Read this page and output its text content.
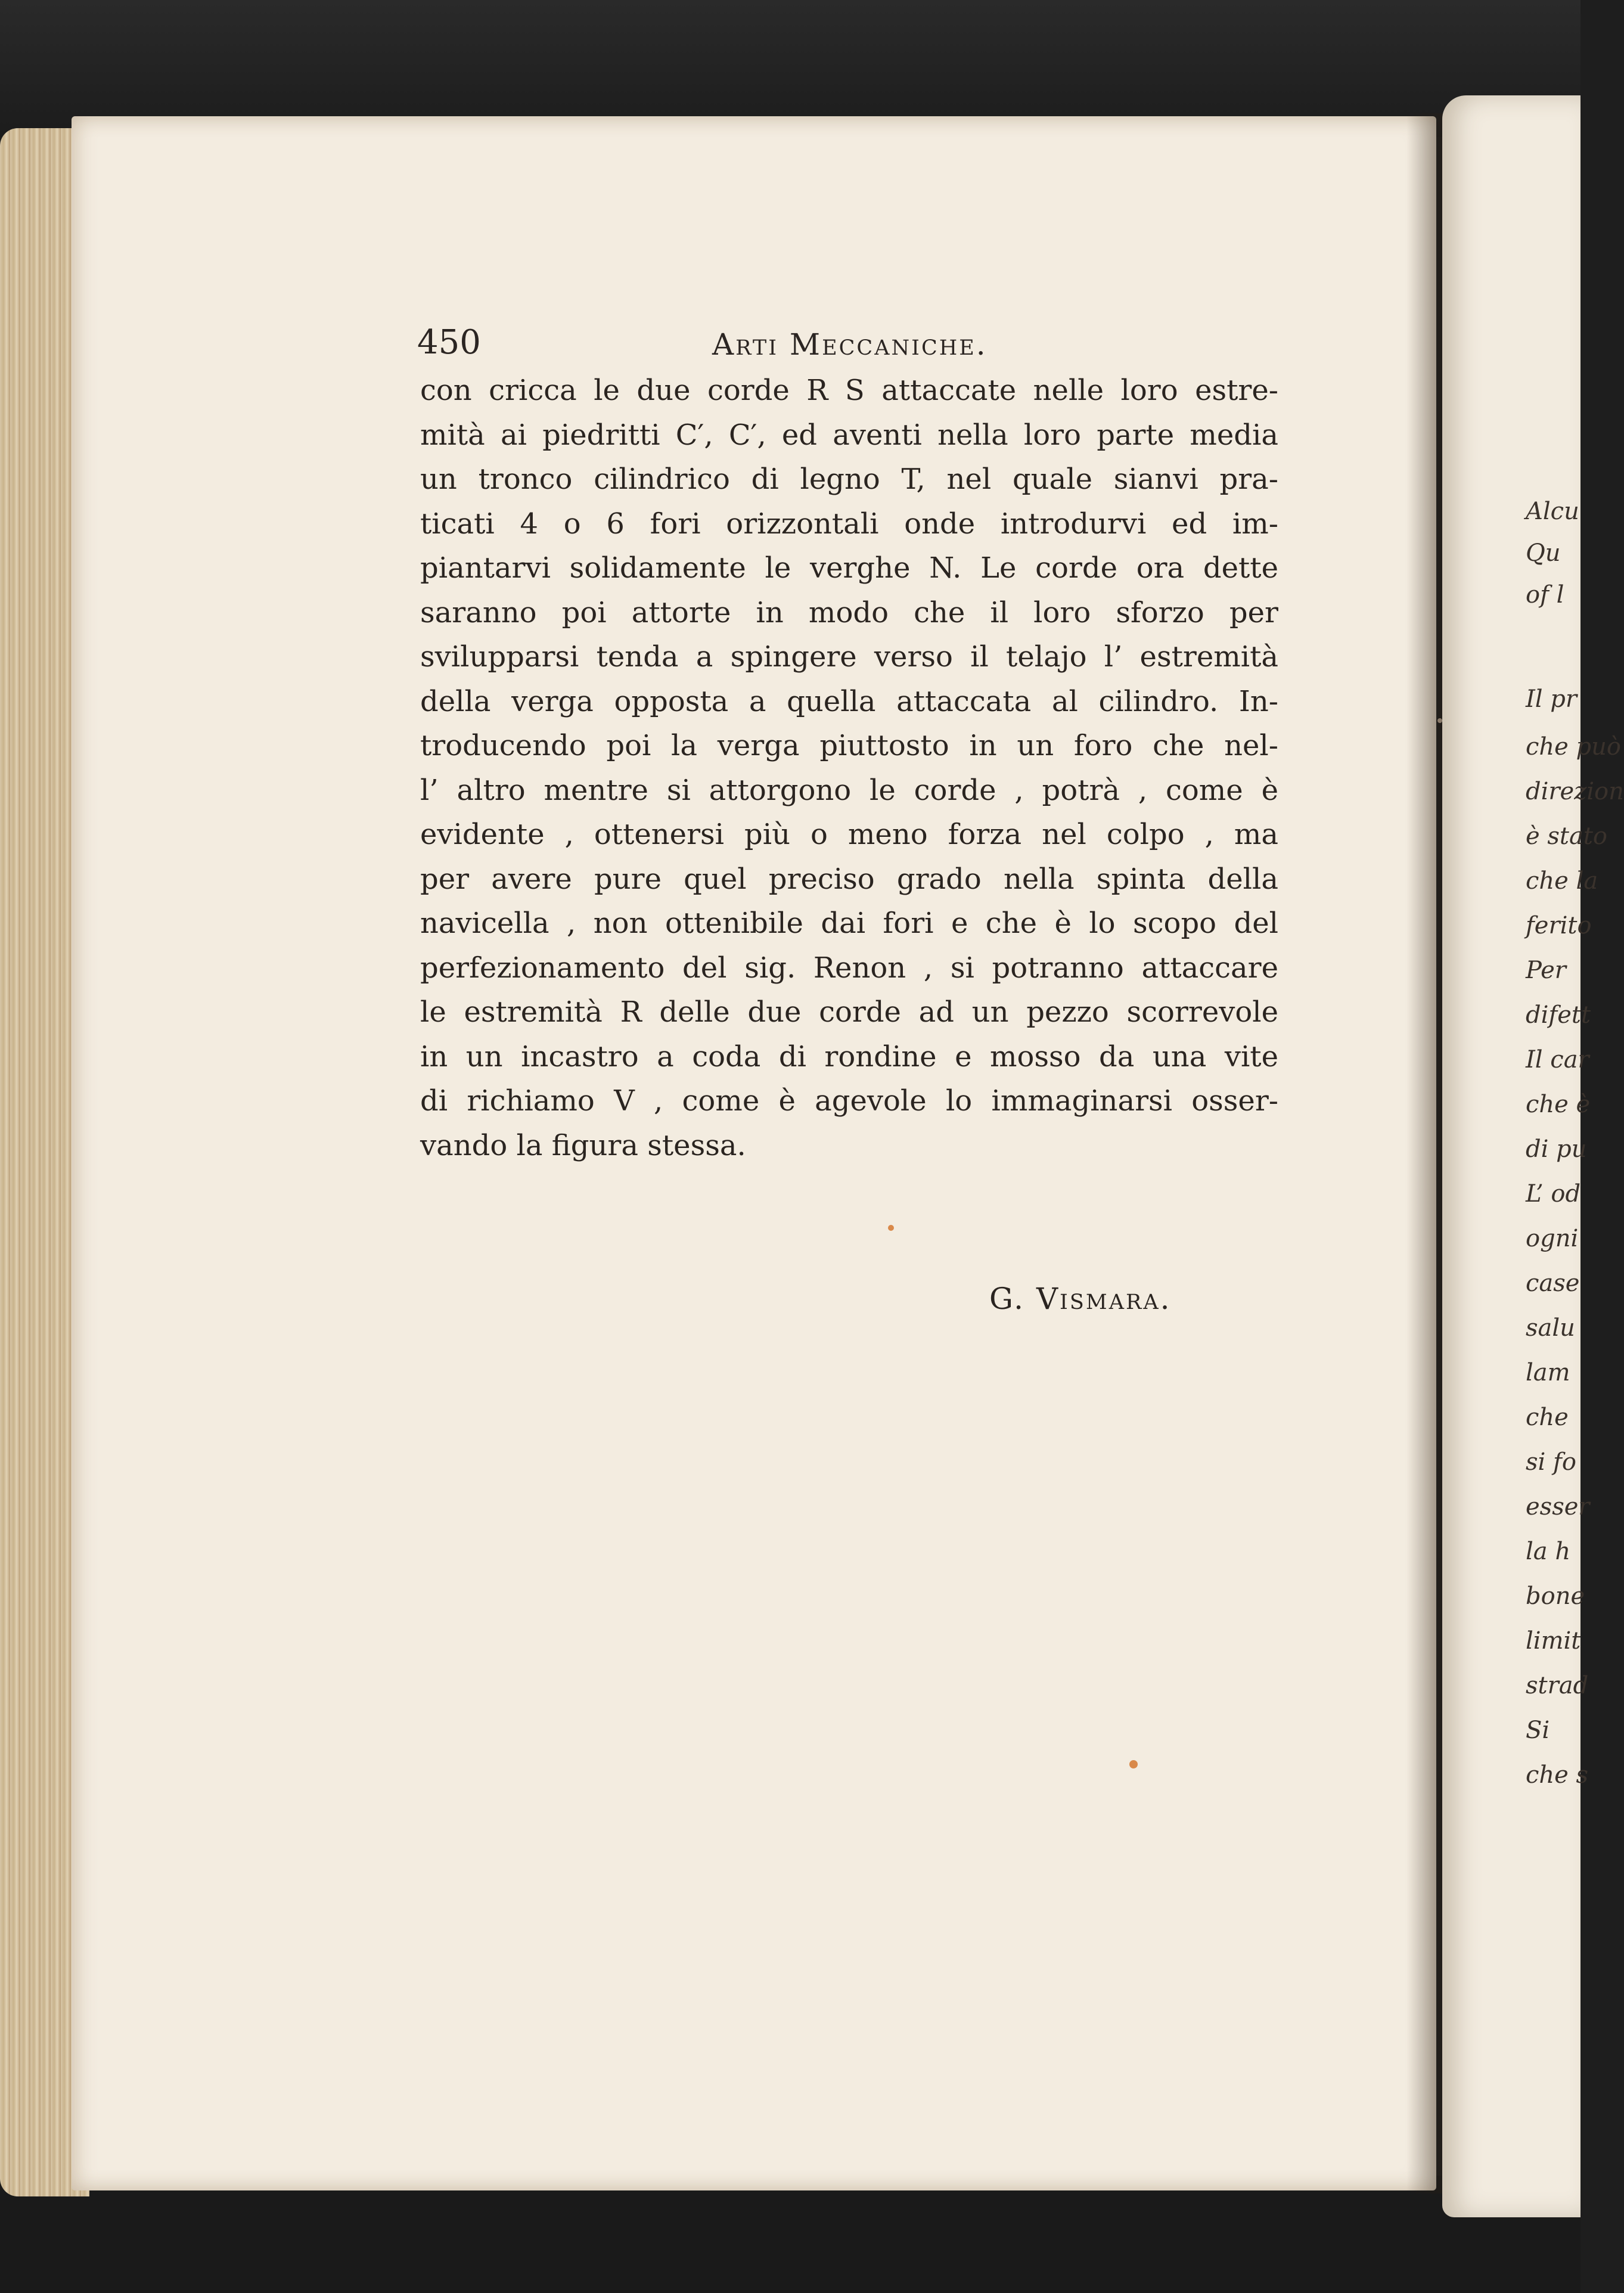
450	Arti Meccaniche.
con cricca le due corde R S attaccate nelle loro estre-
mità ai piedritti C′, C′, ed aventi nella loro parte media
un tronco cilindrico di legno T, nel quale sianvi pra-
ticati 4 o 6 fori orizzontali onde introdurvi ed im-
piantarvi solidamente le verghe N. Le corde ora dette
saranno poi attorte in modo che il loro sforzo per
svilupparsi tenda a spingere verso il telajo l’ estremità
della verga opposta a quella attaccata al cilindro. In-
troducendo poi la verga piuttosto in un foro che nel-
l’ altro mentre si attorgono le corde , potrà , come è
evidente , ottenersi più o meno forza nel colpo , ma
per avere pure quel preciso grado nella spinta della
navicella , non ottenibile dai fori e che è lo scopo del
perfezionamento del sig. Renon , si potranno attaccare
le estremità R delle due corde ad un pezzo scorrevole
in un incastro a coda di rondine e mosso da una vite
di richiamo V , come è agevole lo immaginarsi osser-
vando la figura stessa.
G. Vismara.
Alcu
Qu
of l
Il pr
che può
direzion
è stato
che la
ferito
Per
difett
Il car
che è
di pu
L’ od
ogni
case
salu
lam
che
si fo
esser
la h
bone
limit
strad
Si
che s
